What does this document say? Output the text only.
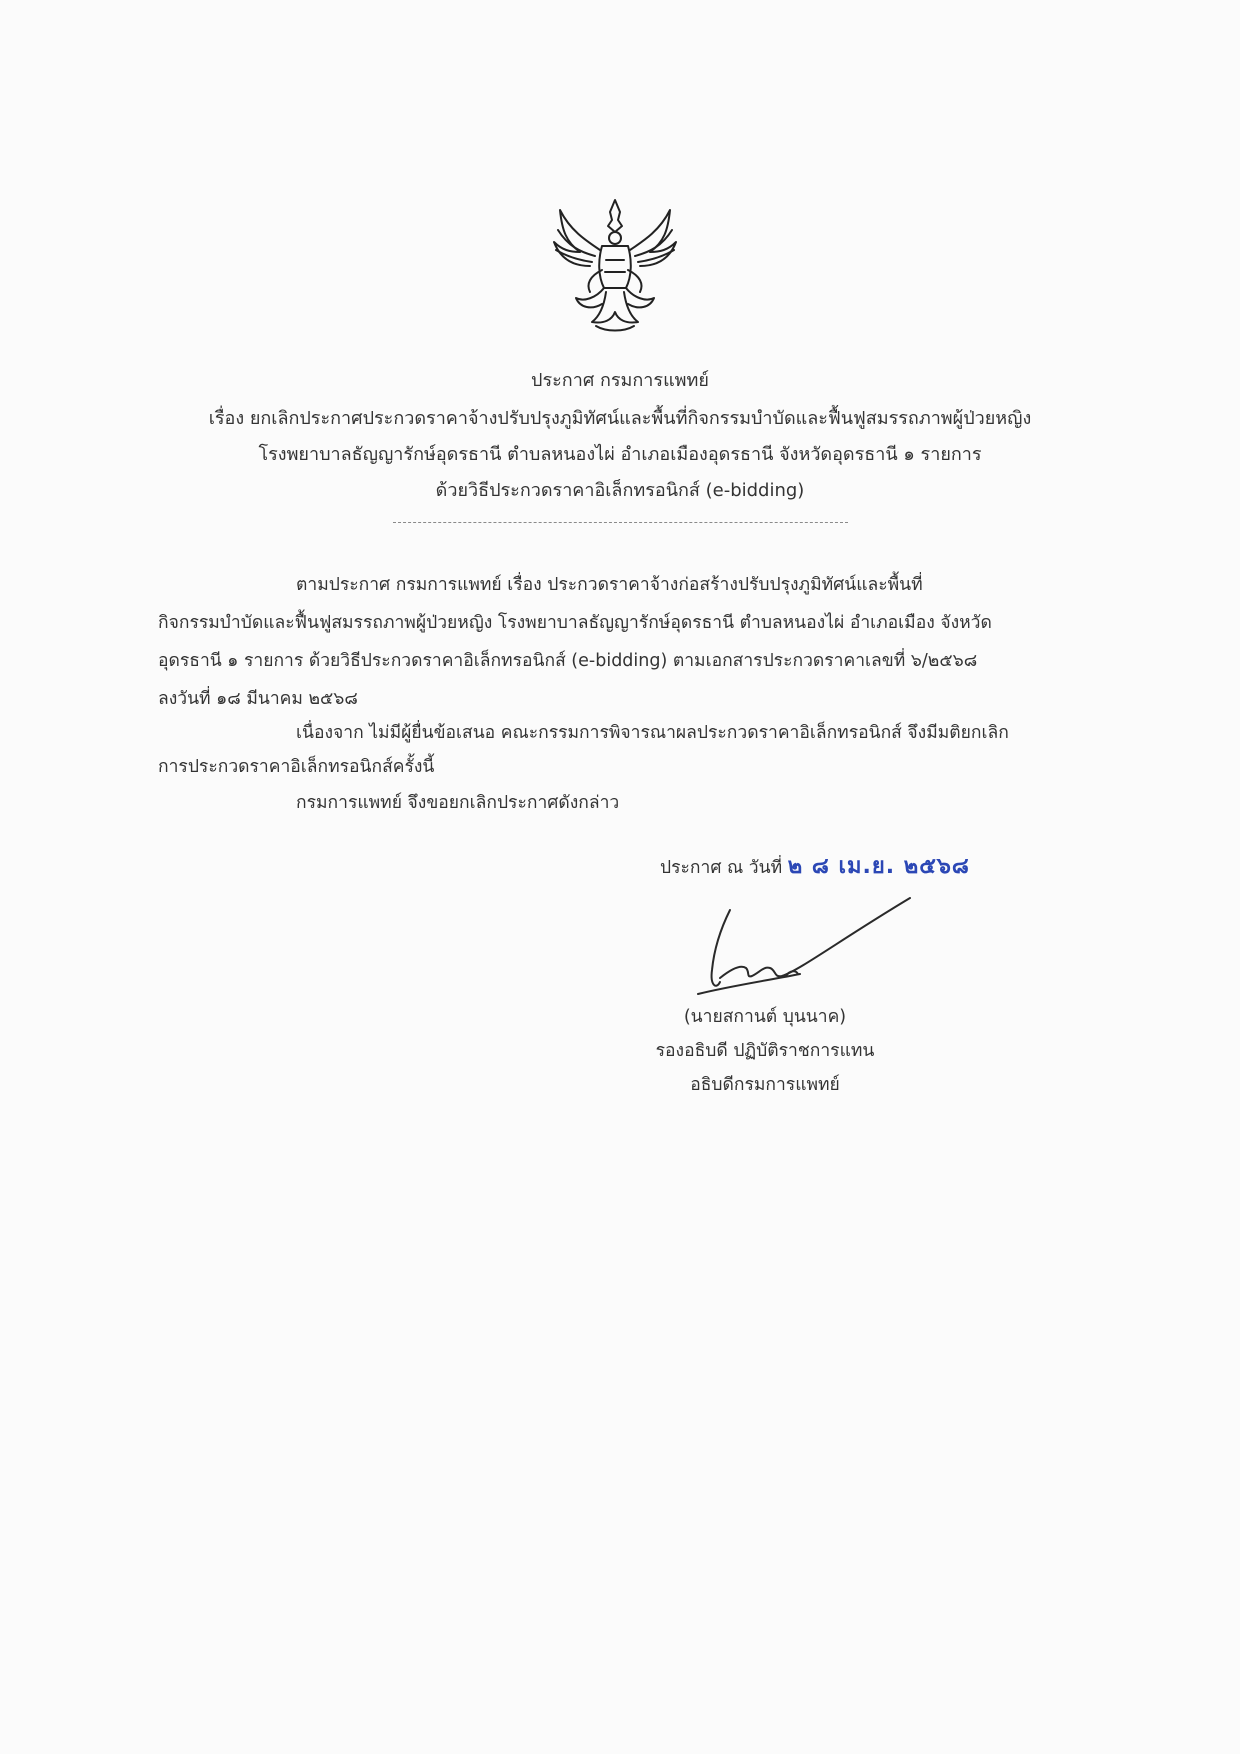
ประกาศ กรมการแพทย์
เรื่อง ยกเลิกประกาศประกวดราคาจ้างปรับปรุงภูมิทัศน์และพื้นที่กิจกรรมบำบัดและฟื้นฟูสมรรถภาพผู้ป่วยหญิง
โรงพยาบาลธัญญารักษ์อุดรธานี ตำบลหนองไผ่ อำเภอเมืองอุดรธานี จังหวัดอุดรธานี ๑ รายการ
ด้วยวิธีประกวดราคาอิเล็กทรอนิกส์ (e-bidding)
ตามประกาศ กรมการแพทย์ เรื่อง ประกวดราคาจ้างก่อสร้างปรับปรุงภูมิทัศน์และพื้นที่
กิจกรรมบำบัดและฟื้นฟูสมรรถภาพผู้ป่วยหญิง โรงพยาบาลธัญญารักษ์อุดรธานี ตำบลหนองไผ่ อำเภอเมือง จังหวัด
อุดรธานี ๑ รายการ ด้วยวิธีประกวดราคาอิเล็กทรอนิกส์ (e-bidding) ตามเอกสารประกวดราคาเลขที่ ๖/๒๕๖๘
ลงวันที่ ๑๘ มีนาคม ๒๕๖๘
เนื่องจาก ไม่มีผู้ยื่นข้อเสนอ คณะกรรมการพิจารณาผลประกวดราคาอิเล็กทรอนิกส์ จึงมีมติยกเลิก
การประกวดราคาอิเล็กทรอนิกส์ครั้งนี้
กรมการแพทย์ จึงขอยกเลิกประกาศดังกล่าว
ประกาศ ณ วันที่ ๒ ๘ เม.ย. ๒๕๖๘
(นายสกานต์ บุนนาค)
รองอธิบดี ปฏิบัติราชการแทน
อธิบดีกรมการแพทย์
